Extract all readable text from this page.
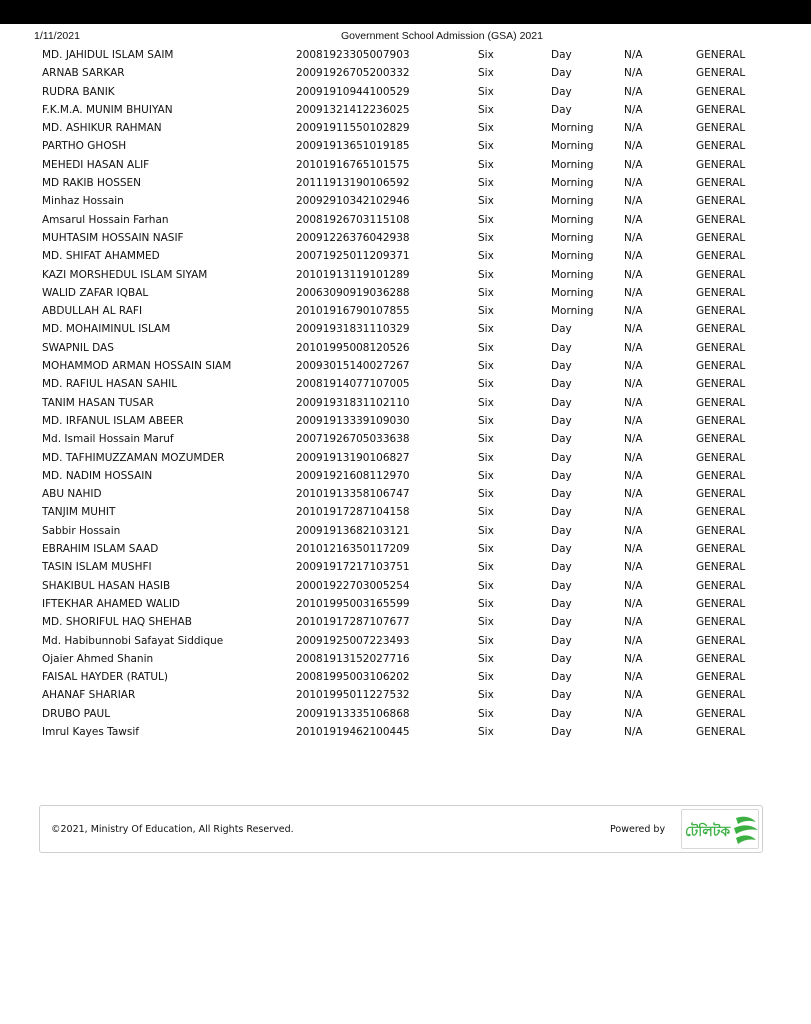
1/11/2021	Government School Admission (GSA) 2021
MD. JAHIDUL ISLAM SAIM	20081923305007903	Six	Day	N/A	GENERAL
ARNAB SARKAR	20091926705200332	Six	Day	N/A	GENERAL
RUDRA BANIK	20091910944100529	Six	Day	N/A	GENERAL
F.K.M.A. MUNIM BHUIYAN	20091321412236025	Six	Day	N/A	GENERAL
MD. ASHIKUR RAHMAN	20091911550102829	Six	Morning	N/A	GENERAL
PARTHO GHOSH	20091913651019185	Six	Morning	N/A	GENERAL
MEHEDI HASAN ALIF	20101916765101575	Six	Morning	N/A	GENERAL
MD RAKIB HOSSEN	20111913190106592	Six	Morning	N/A	GENERAL
Minhaz Hossain	20092910342102946	Six	Morning	N/A	GENERAL
Amsarul Hossain Farhan	20081926703115108	Six	Morning	N/A	GENERAL
MUHTASIM HOSSAIN NASIF	20091226376042938	Six	Morning	N/A	GENERAL
MD. SHIFAT AHAMMED	20071925011209371	Six	Morning	N/A	GENERAL
KAZI MORSHEDUL ISLAM SIYAM	20101913119101289	Six	Morning	N/A	GENERAL
WALID ZAFAR IQBAL	20063090919036288	Six	Morning	N/A	GENERAL
ABDULLAH AL RAFI	20101916790107855	Six	Morning	N/A	GENERAL
MD. MOHAIMINUL ISLAM	20091931831110329	Six	Day	N/A	GENERAL
SWAPNIL DAS	20101995008120526	Six	Day	N/A	GENERAL
MOHAMMOD ARMAN HOSSAIN SIAM	20093015140027267	Six	Day	N/A	GENERAL
MD. RAFIUL HASAN SAHIL	20081914077107005	Six	Day	N/A	GENERAL
TANIM HASAN TUSAR	20091931831102110	Six	Day	N/A	GENERAL
MD. IRFANUL ISLAM ABEER	20091913339109030	Six	Day	N/A	GENERAL
Md. Ismail Hossain Maruf	20071926705033638	Six	Day	N/A	GENERAL
MD. TAFHIMUZZAMAN MOZUMDER	20091913190106827	Six	Day	N/A	GENERAL
MD. NADIM HOSSAIN	20091921608112970	Six	Day	N/A	GENERAL
ABU NAHID	20101913358106747	Six	Day	N/A	GENERAL
TANJIM MUHIT	20101917287104158	Six	Day	N/A	GENERAL
Sabbir Hossain	20091913682103121	Six	Day	N/A	GENERAL
EBRAHIM ISLAM SAAD	20101216350117209	Six	Day	N/A	GENERAL
TASIN ISLAM MUSHFI	20091917217103751	Six	Day	N/A	GENERAL
SHAKIBUL HASAN HASIB	20001922703005254	Six	Day	N/A	GENERAL
IFTEKHAR AHAMED WALID	20101995003165599	Six	Day	N/A	GENERAL
MD. SHORIFUL HAQ SHEHAB	20101917287107677	Six	Day	N/A	GENERAL
Md. Habibunnobi Safayat Siddique	20091925007223493	Six	Day	N/A	GENERAL
Ojaier Ahmed Shanin	20081913152027716	Six	Day	N/A	GENERAL
FAISAL HAYDER (RATUL)	20081995003106202	Six	Day	N/A	GENERAL
AHANAF SHARIAR	20101995011227532	Six	Day	N/A	GENERAL
DRUBO PAUL	20091913335106868	Six	Day	N/A	GENERAL
Imrul Kayes Tawsif	20101919462100445	Six	Day	N/A	GENERAL
©2021, Ministry Of Education, All Rights Reserved.	Powered by টেলিটক
